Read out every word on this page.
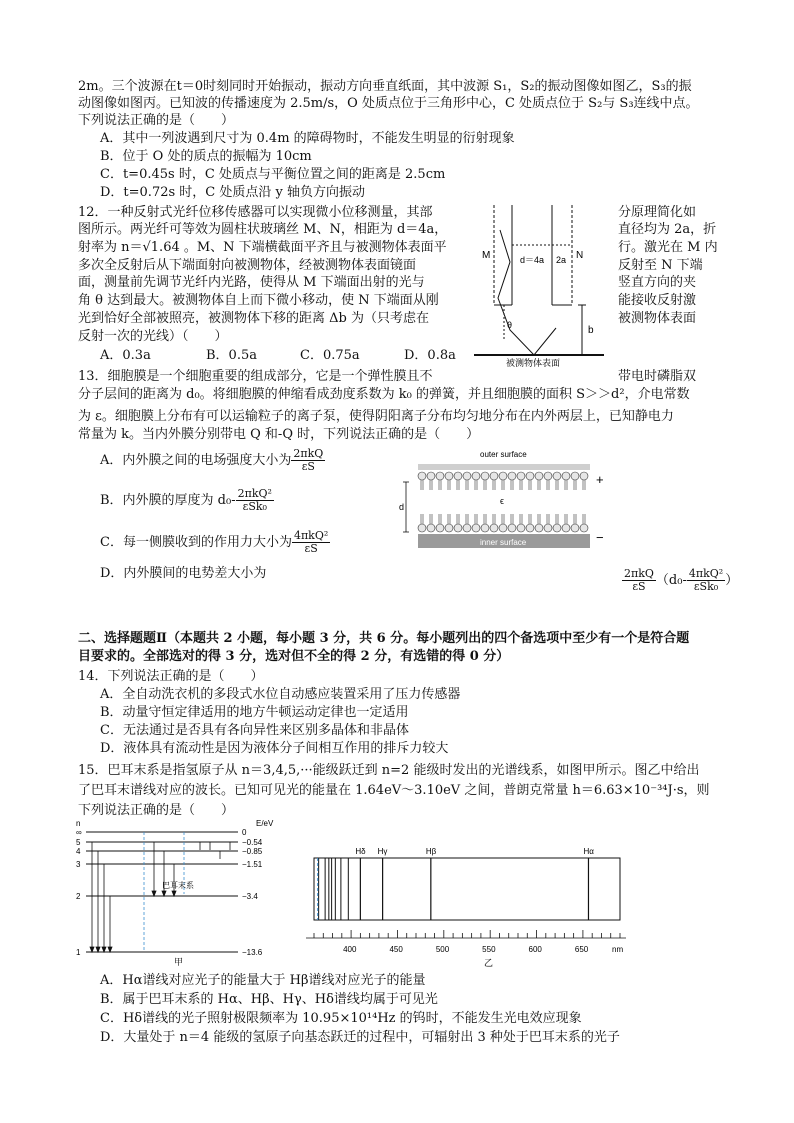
2m。三个波源在t＝0时刻同时开始振动，振动方向垂直纸面，其中波源 S₁，S₂的振动图像如图乙，S₃的振
动图像如图丙。已知波的传播速度为 2.5m/s，O 处质点位于三角形中心，C 处质点位于 S₂与 S₃连线中点。
下列说法正确的是（　　）
A．其中一列波遇到尺寸为 0.4m 的障碍物时，不能发生明显的衍射现象
B．位于 O 处的质点的振幅为 10cm
C．t=0.45s 时，C 处质点与平衡位置之间的距离是 2.5cm
D．t=0.72s 时，C 处质点沿 y 轴负方向振动
12．一种反射式光纤位移传感器可以实现微小位移测量，其部
图所示。两光纤可等效为圆柱状玻璃丝 M、N，相距为 d＝4a，
射率为 n＝√1.64 。M、N 下端横截面平齐且与被测物体表面平
多次全反射后从下端面射向被测物体，经被测物体表面镜面
面，测量前先调节光纤内光路，使得从 M 下端面出射的光与
角 θ 达到最大。被测物体自上而下微小移动，使 N 下端面从刚
光到恰好全部被照亮，被测物体下移的距离 Δb 为（只考虑在
反射一次的光线）（　　）
分原理简化如
直径均为 2a，折
行。激光在 M 内
反射至 N 下端
竖直方向的夹
能接收反射激
被测物体表面
A．0.3a	B．0.5a	C．0.75a	D．0.8a
M	N
d＝4a 2a
θ	b
被测物体表面
13．细胞膜是一个细胞重要的组成部分，它是一个弹性膜且不	带电时磷脂双
分子层间的距离为 d₀。将细胞膜的伸缩看成劲度系数为 k₀ 的弹簧，并且细胞膜的面积 S＞＞d²，介电常数
为 ε。细胞膜上分布有可以运输粒子的离子泵，使得阴阳离子分布均匀地分布在内外两层上，已知静电力
常量为 k。当内外膜分别带电 Q 和-Q 时，下列说法正确的是（　　）
A．内外膜之间的电场强度大小为 $\frac{\text{2πkQ}}{\varepsilon S}$
B．内外膜的厚度为 $d_0- \frac{\text{2πkQ²}}{\text{εSk₀}}$
C．每一侧膜收到的作用力大小为 $\frac{\text{4πkQ²}}{\varepsilon S}$
D．内外膜间的电势差大小为	$\frac{\text{2πkQ}}{\varepsilon S} (d_0- \frac{\text{4πkQ²}}{\text{εSk₀}}$ ）
outer surface
inner surface
d
ϵ
+
−
二、选择题题Ⅱ（本题共 2 小题，每小题 3 分，共 6 分。每小题列出的四个备选项中至少有一个是符合题
目要求的。全部选对的得 3 分，选对但不全的得 2 分，有选错的得 0 分）
14．下列说法正确的是（　　）
A．全自动洗衣机的多段式水位自动感应装置采用了压力传感器
B．动量守恒定律适用的地方牛顿运动定律也一定适用
C．无法通过是否具有各向异性来区别多晶体和非晶体
D．液体具有流动性是因为液体分子间相互作用的排斥力较大
15．巴耳末系是指氢原子从 n＝3,4,5,···能级跃迁到 n=2 能级时发出的光谱线系，如图甲所示。图乙中给出
了巴耳末谱线对应的波长。已知可见光的能量在 1.64eV～3.10eV 之间，普朗克常量 h＝6.63×10⁻³⁴J·s，则
下列说法正确的是（　　）
∞	0
5	−0.54
4	−0.85
3	−1.51
2	−3.4
1	−13.6
n	E/eV
巴耳末系
甲
Hδ Hγ	Hβ	Hα
400	450	500	550	600	650	nm
乙
A．Hα谱线对应光子的能量大于 Hβ谱线对应光子的能量
B．属于巴耳末系的 Hα、Hβ、Hγ、Hδ谱线均属于可见光
C．Hδ谱线的光子照射极限频率为 10.95×10¹⁴Hz 的钨时，不能发生光电效应现象
D．大量处于 n＝4 能级的氢原子向基态跃迁的过程中，可辐射出 3 种处于巴耳末系的光子
